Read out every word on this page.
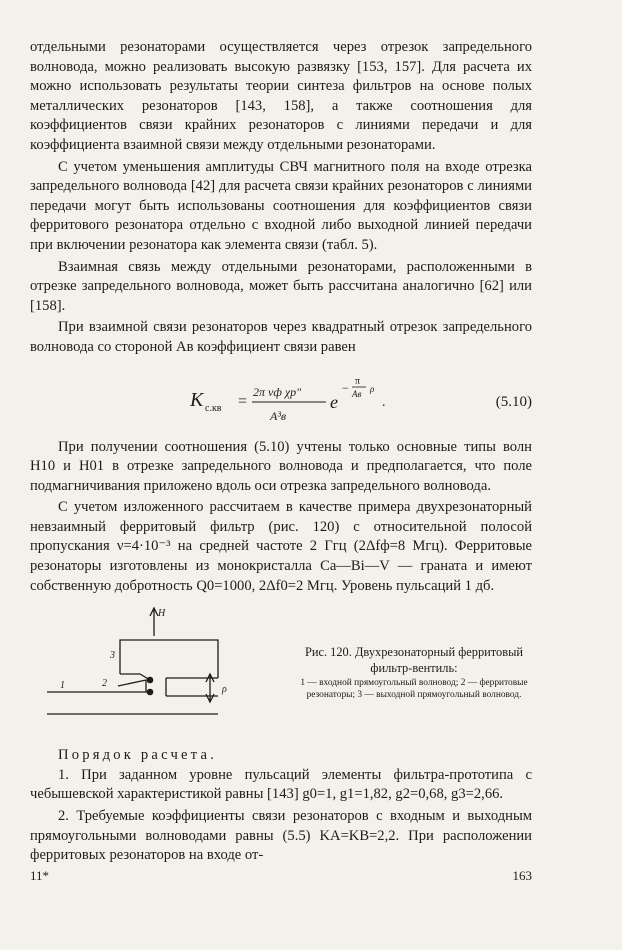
отдельными резонаторами осуществляется через отрезок запредельного волновода, можно реализовать высокую развязку [153, 157]. Для расчета их можно использовать результаты теории синтеза фильтров на основе полых металлических резонаторов [143, 158], а также соотношения для коэффициентов связи крайних резонаторов с линиями передачи и для коэффициента взаимной связи между отдельными резонаторами.

С учетом уменьшения амплитуды СВЧ магнитного поля на входе отрезка запредельного волновода [42] для расчета связи крайних резонаторов с линиями передачи могут быть использованы соотношения для коэффициентов связи ферритового резонатора отдельно с входной либо выходной линией передачи при включении резонатора как элемента связи (табл. 5).

Взаимная связь между отдельными резонаторами, расположенными в отрезке запредельного волновода, может быть рассчитана аналогично [62] или [158].

При взаимной связи резонаторов через квадратный отрезок запредельного волновода со стороной Aв коэффициент связи равен

K с.кв =
2π vф χp″
A³в
e
− π
Aв ρ
.	(5.10)

При получении соотношения (5.10) учтены только основные типы волн H10 и H01 в отрезке запредельного волновода и предполагается, что поле подмагничивания приложено вдоль оси отрезка запредельного волновода.

С учетом изложенного рассчитаем в качестве примера двухрезонаторный невзаимный ферритовый фильтр (рис. 120) с относительной полосой пропускания ν=4·10⁻³ на средней частоте 2 Ггц (2Δfф=8 Мгц). Ферритовые резонаторы изготовлены из монокристалла Ca—Bi—V — граната и имеют собственную добротность Q0=1000, 2Δf0=2 Мгц. Уровень пульсаций 1 дб.

H
3
2
1	ρ

Рис. 120. Двухрезонаторный ферритовый фильтр-вентиль:

1 — входной прямоугольный волновод; 2 — ферритовые резонаторы; 3 — выходной прямоугольный волновод.

Порядок расчета.

1. При заданном уровне пульсаций элементы фильтра-прототипа с чебышевской характеристикой равны [143] g0=1, g1=1,82, g2=0,68, g3=2,66.

2. Требуемые коэффициенты связи резонаторов с входным и выходным прямоугольными волноводами равны (5.5) KA=KB=2,2. При расположении ферритовых резонаторов на входе от-

11*	163
